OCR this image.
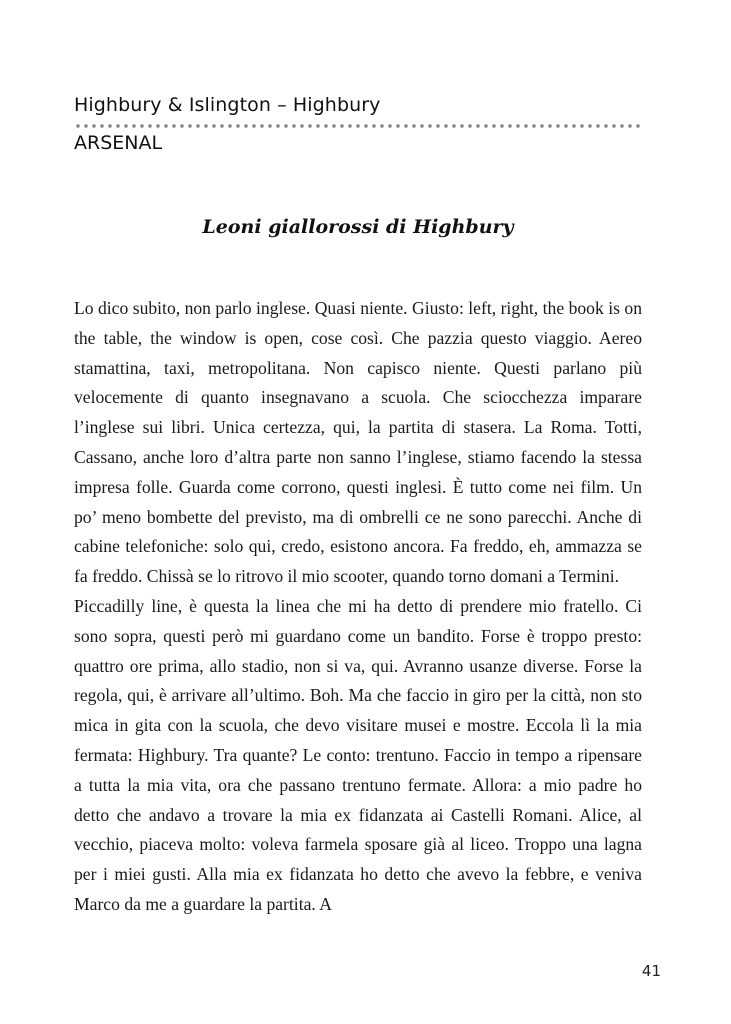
Highbury & Islington – Highbury
ARSENAL
Leoni giallorossi di Highbury

Lo dico subito, non parlo inglese. Quasi niente. Giusto: left, right, the book is on the table, the window is open, cose così. Che pazzia questo viaggio. Aereo stamattina, taxi, metropolitana. Non capisco niente. Questi parlano più velocemente di quanto insegnavano a scuola. Che sciocchezza imparare l’inglese sui libri. Unica certezza, qui, la partita di stasera. La Roma. Totti, Cassano, anche loro d’altra parte non sanno l’inglese, stiamo facendo la stessa impresa folle. Guarda come corrono, questi inglesi. È tutto come nei film. Un po’ meno bombette del previsto, ma di ombrelli ce ne sono parecchi. Anche di cabine telefoniche: solo qui, credo, esistono ancora. Fa freddo, eh, ammazza se fa freddo. Chissà se lo ritrovo il mio scooter, quando torno domani a Termini.

Piccadilly line, è questa la linea che mi ha detto di prendere mio fratello. Ci sono sopra, questi però mi guardano come un bandito. Forse è troppo presto: quattro ore prima, allo stadio, non si va, qui. Avranno usanze diverse. Forse la regola, qui, è arrivare all’ultimo. Boh. Ma che faccio in giro per la città, non sto mica in gita con la scuola, che devo visitare musei e mostre. Eccola lì la mia fermata: Highbury. Tra quante? Le conto: trentuno. Faccio in tempo a ripensare a tutta la mia vita, ora che passano trentuno fermate. Allora: a mio padre ho detto che andavo a trovare la mia ex fidanzata ai Castelli Romani. Alice, al vecchio, piaceva molto: voleva farmela sposare già al liceo. Troppo una lagna per i miei gusti. Alla mia ex fidanzata ho detto che avevo la febbre, e veniva Marco da me a guardare la partita. A

41
